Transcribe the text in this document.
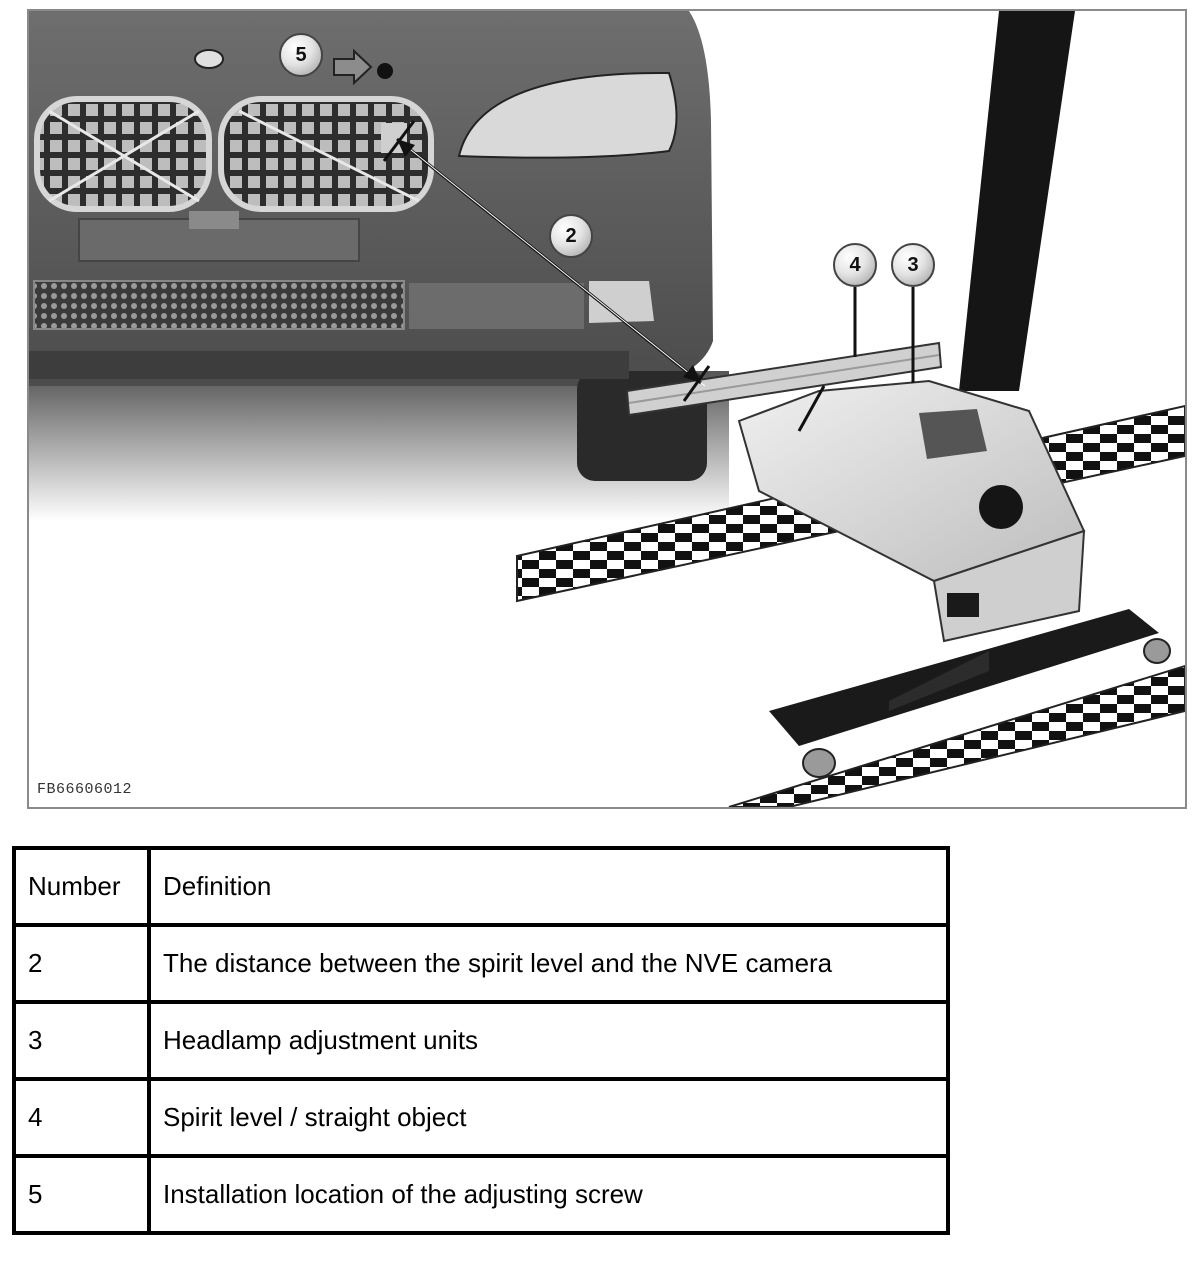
5
2
4	3
FB66606012
Number	Definition
2	The distance between the spirit level and the NVE camera
3	Headlamp adjustment units
4	Spirit level / straight object
5	Installation location of the adjusting screw
